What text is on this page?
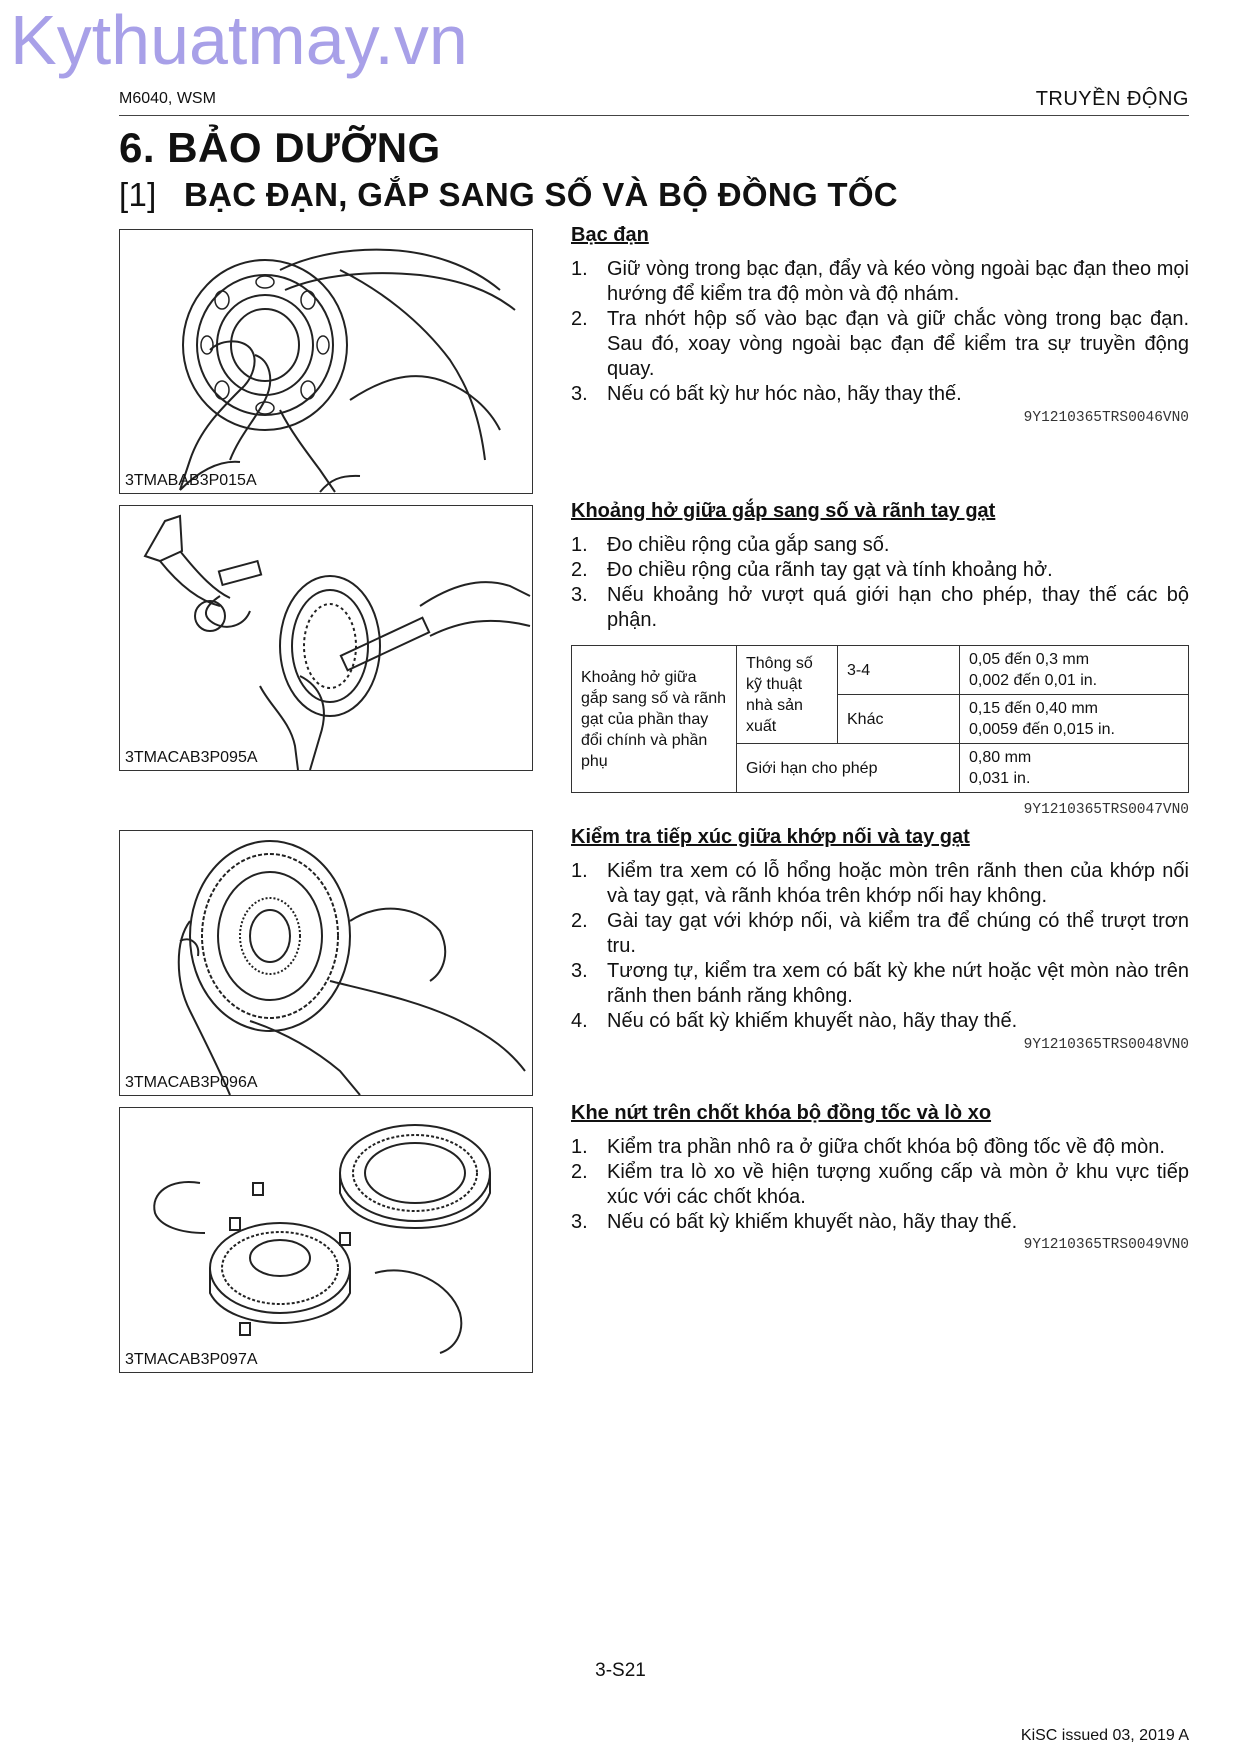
Kythuatmay.vn
M6040, WSM	TRUYỀN ĐỘNG
6. BẢO DƯỠNG
[1] BẠC ĐẠN, GẮP SANG SỐ VÀ BỘ ĐỒNG TỐC
3TMABAB3P015A
3TMACAB3P095A
3TMACAB3P096A
3TMACAB3P097A
Bạc đạn
1. Giữ vòng trong bạc đạn, đẩy và kéo vòng ngoài bạc đạn theo mọi hướng để kiểm tra độ mòn và độ nhám.
2. Tra nhớt hộp số vào bạc đạn và giữ chắc vòng trong bạc đạn. Sau đó, xoay vòng ngoài bạc đạn để kiểm tra sự truyền động quay.
3. Nếu có bất kỳ hư hóc nào, hãy thay thế.
9Y1210365TRS0046VN0
Khoảng hở giữa gắp sang số và rãnh tay gạt
1. Đo chiều rộng của gắp sang số.
2. Đo chiều rộng của rãnh tay gạt và tính khoảng hở.
3. Nếu khoảng hở vượt quá giới hạn cho phép, thay thế các bộ phận.
Khoảng hở giữa gắp sang số và rãnh gạt của phần thay đổi chính và phần phụ	Thông số kỹ thuật nhà sản xuất	3-4	0,05 đến 0,3 mm
0,002 đến 0,01 in.

		Khác	0,15 đến 0,40 mm
0,0059 đến 0,015 in.

	Giới hạn cho phép		0,80 mm
0,031 in.
9Y1210365TRS0047VN0
Kiểm tra tiếp xúc giữa khớp nối và tay gạt
1. Kiểm tra xem có lỗ hổng hoặc mòn trên rãnh then của khớp nối và tay gạt, và rãnh khóa trên khớp nối hay không.
2. Gài tay gạt với khớp nối, và kiểm tra để chúng có thể trượt trơn tru.
3. Tương tự, kiểm tra xem có bất kỳ khe nứt hoặc vệt mòn nào trên rãnh then bánh răng không.
4. Nếu có bất kỳ khiếm khuyết nào, hãy thay thế.
9Y1210365TRS0048VN0
Khe nứt trên chốt khóa bộ đồng tốc và lò xo
1. Kiểm tra phần nhô ra ở giữa chốt khóa bộ đồng tốc về độ mòn.
2. Kiểm tra lò xo về hiện tượng xuống cấp và mòn ở khu vực tiếp xúc với các chốt khóa.
3. Nếu có bất kỳ khiếm khuyết nào, hãy thay thế.
9Y1210365TRS0049VN0
3-S21
KiSC issued 03, 2019 A
